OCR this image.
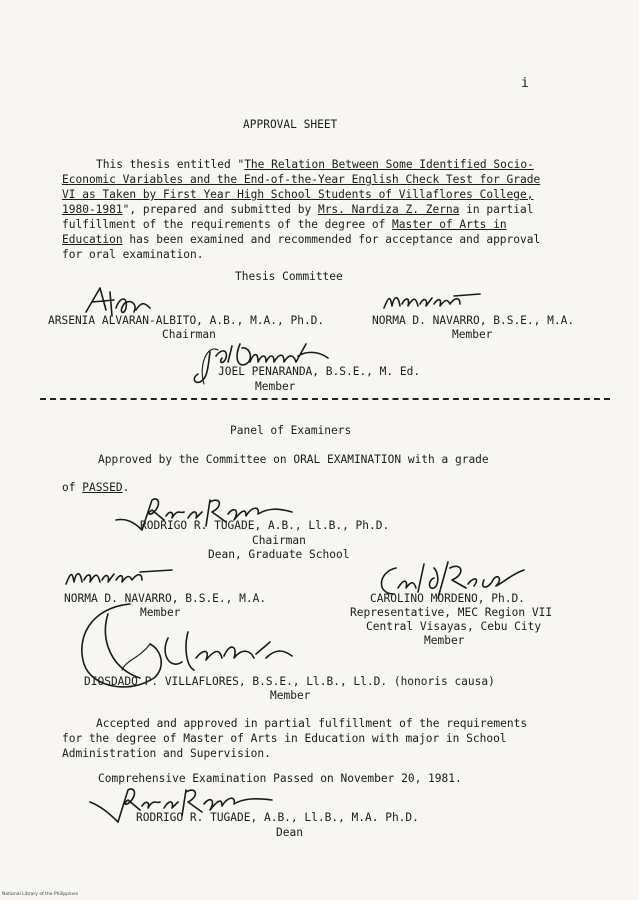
i
APPROVAL SHEET
This thesis entitled "The Relation Between Some Identified Socio-Economic Variables and the End-of-the-Year English Check Test for Grade VI as Taken by First Year High School Students of Villaflores College, 1980-1981", prepared and submitted by Mrs. Nardiza Z. Zerna in partial fulfillment of the requirements of the degree of Master of Arts in Education has been examined and recommended for acceptance and approval for oral examination.
Thesis Committee
ARSENIA ALVARAN-ALBITO, A.B., M.A., Ph.D.	NORMA D. NAVARRO, B.S.E., M.A.
Chairman	Member
JOEL PENARANDA, B.S.E., M. Ed.
Member
Panel of Examiners
Approved by the Committee on ORAL EXAMINATION with a grade
of PASSED.
RODRIGO R. TUGADE, A.B., Ll.B., Ph.D.
Chairman
Dean, Graduate School
NORMA D. NAVARRO, B.S.E., M.A.	CAROLINO MORDENO, Ph.D.
Member	Representative, MEC Region VII
Central Visayas, Cebu City
Member
DIOSDADO P. VILLAFLORES, B.S.E., Ll.B., Ll.D. (honoris causa)
Member
Accepted and approved in partial fulfillment of the requirements for the degree of Master of Arts in Education with major in School Administration and Supervision.
Comprehensive Examination Passed on November 20, 1981.
RODRIGO R. TUGADE, A.B., Ll.B., M.A. Ph.D.
Dean
National Library of the Philippines
